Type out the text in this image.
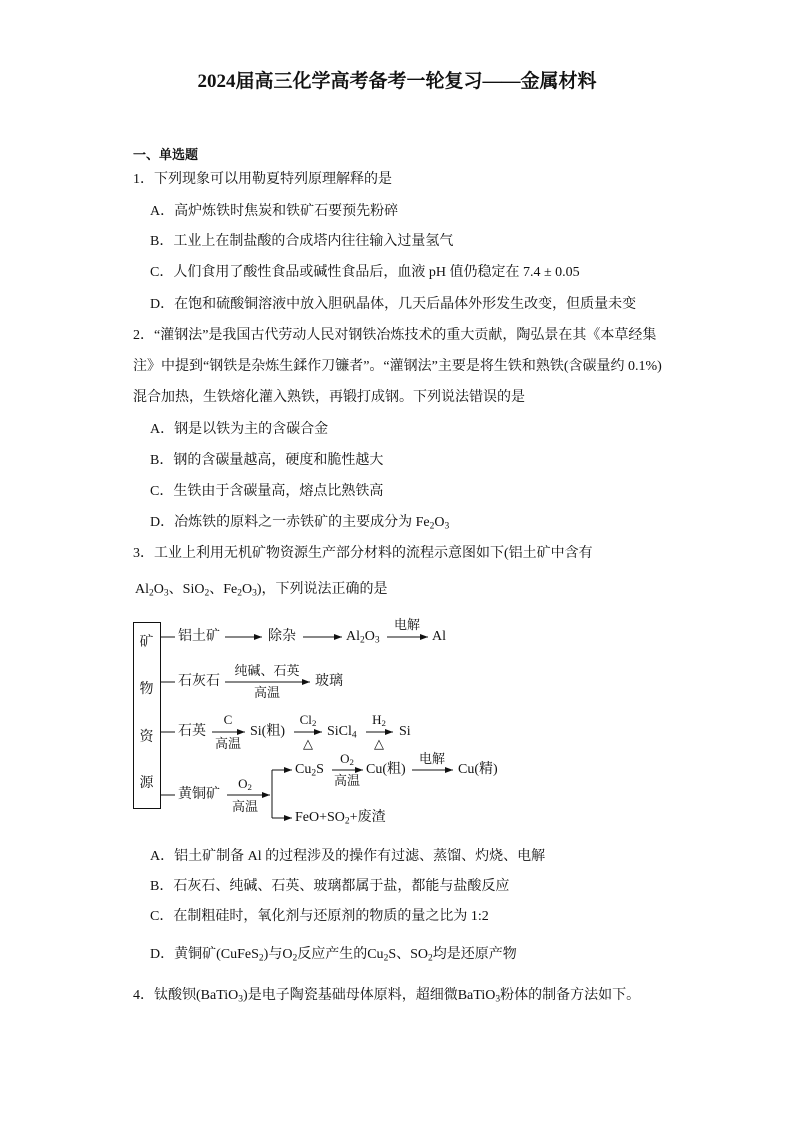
2024届高三化学高考备考一轮复习——金属材料
一、单选题
1．下列现象可以用勒夏特列原理解释的是
A．高炉炼铁时焦炭和铁矿石要预先粉碎
B．工业上在制盐酸的合成塔内往往输入过量氢气
C．人们食用了酸性食品或碱性食品后，血液 pH 值仍稳定在 7.4 ± 0.05
D．在饱和硫酸铜溶液中放入胆矾晶体，几天后晶体外形发生改变，但质量未变
2．“灌钢法”是我国古代劳动人民对钢铁冶炼技术的重大贡献，陶弘景在其《本草经集
注》中提到“钢铁是杂炼生鍒作刀镰者”。“灌钢法”主要是将生铁和熟铁(含碳量约 0.1%)
混合加热，生铁熔化灌入熟铁，再锻打成钢。下列说法错误的是
A．钢是以铁为主的含碳合金
B．钢的含碳量越高，硬度和脆性越大
C．生铁由于含碳量高，熔点比熟铁高
D．冶炼铁的原料之一赤铁矿的主要成分为 $Fe_2O_3$
3．工业上利用无机矿物资源生产部分材料的流程示意图如下(铝土矿中含有
$Al_2O_3$、SiO$_2$、$Fe_2O_3$)，下列说法正确的是
矿
物
资
源
铝土矿	除杂	$Al_2O_3$
电解
Al
石灰石
纯碱、石英
高温
玻璃
石英
C
高温
Si(粗)
$Cl_2$
△
SiCl$_4$
$H_2$
△
Si
黄铜矿
$O_2$
高温
$Cu_2S$
$O_2$
高温
Cu(粗)
电解
Cu(精)
$FeO+SO_2+$废渣
A．铝土矿制备 Al 的过程涉及的操作有过滤、蒸馏、灼烧、电解
B．石灰石、纯碱、石英、玻璃都属于盐，都能与盐酸反应
C．在制粗硅时，氧化剂与还原剂的物质的量之比为 1:2
D．黄铜矿(CuFeS$_2$)与$O_2$反应产生的$Cu_2S$、$SO_2$均是还原产物
4．钛酸钡(BaTiO$_3$)是电子陶瓷基础母体原料，超细微BaTiO$_3$粉体的制备方法如下。
